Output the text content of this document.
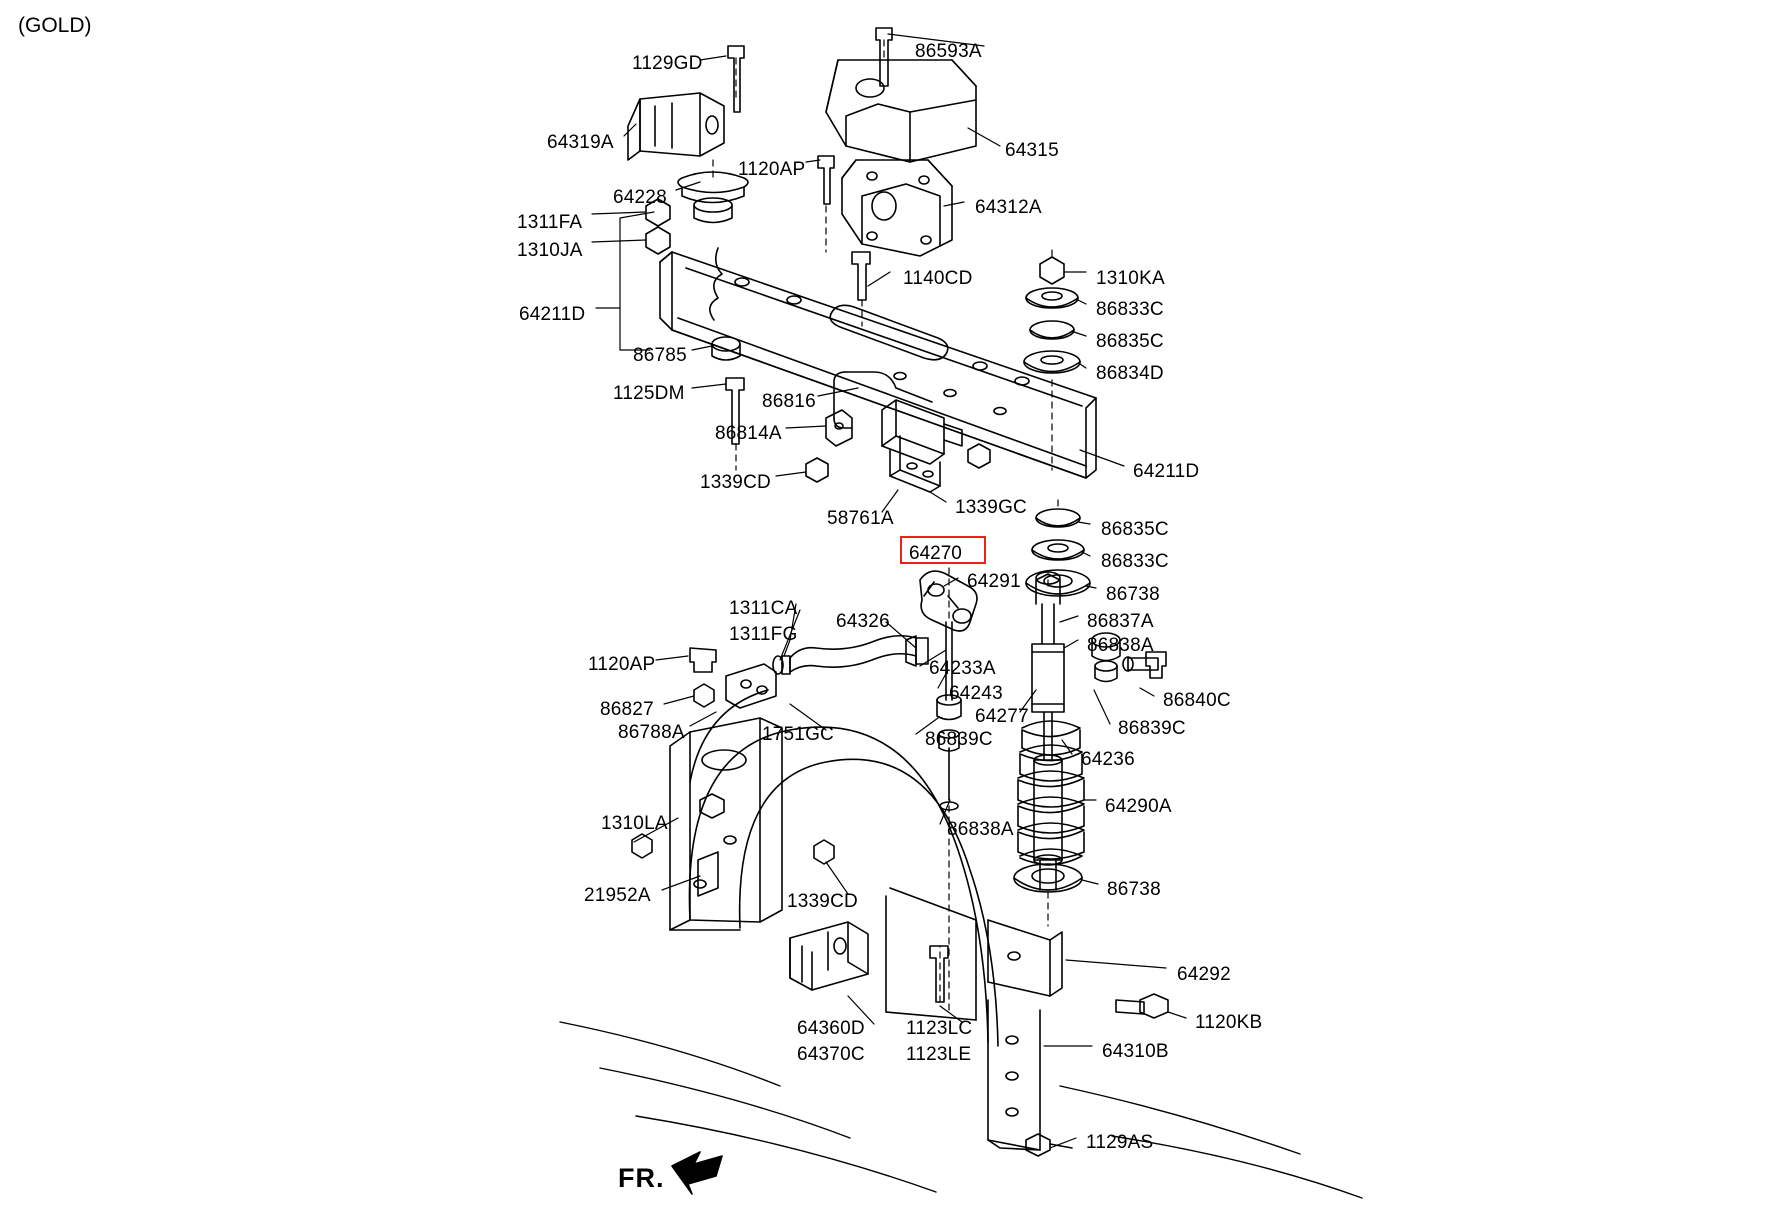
(GOLD)
1129GD
86593A
64319A	64315
1120AP
64228	64312A
1311FA
1310JA
1140CD	1310KA
86833C
64211D
86835C
86834D
86785
1125DM	86816
86814A
64211D
1339CD
1339GC
58761A
86835C
86833C
64291
86738
1311CA
64326	86837A
1311FG
86838A
1120AP	64233A
64243	86840C
86827	64277
86839C
86788A	1751GC	86839C
64236
64290A
1310LA	86838A
21952A	1339CD
86738
64292
64360D 1123LC	1120KB
64370C 1123LE	64310B
1129AS
64270
FR.
